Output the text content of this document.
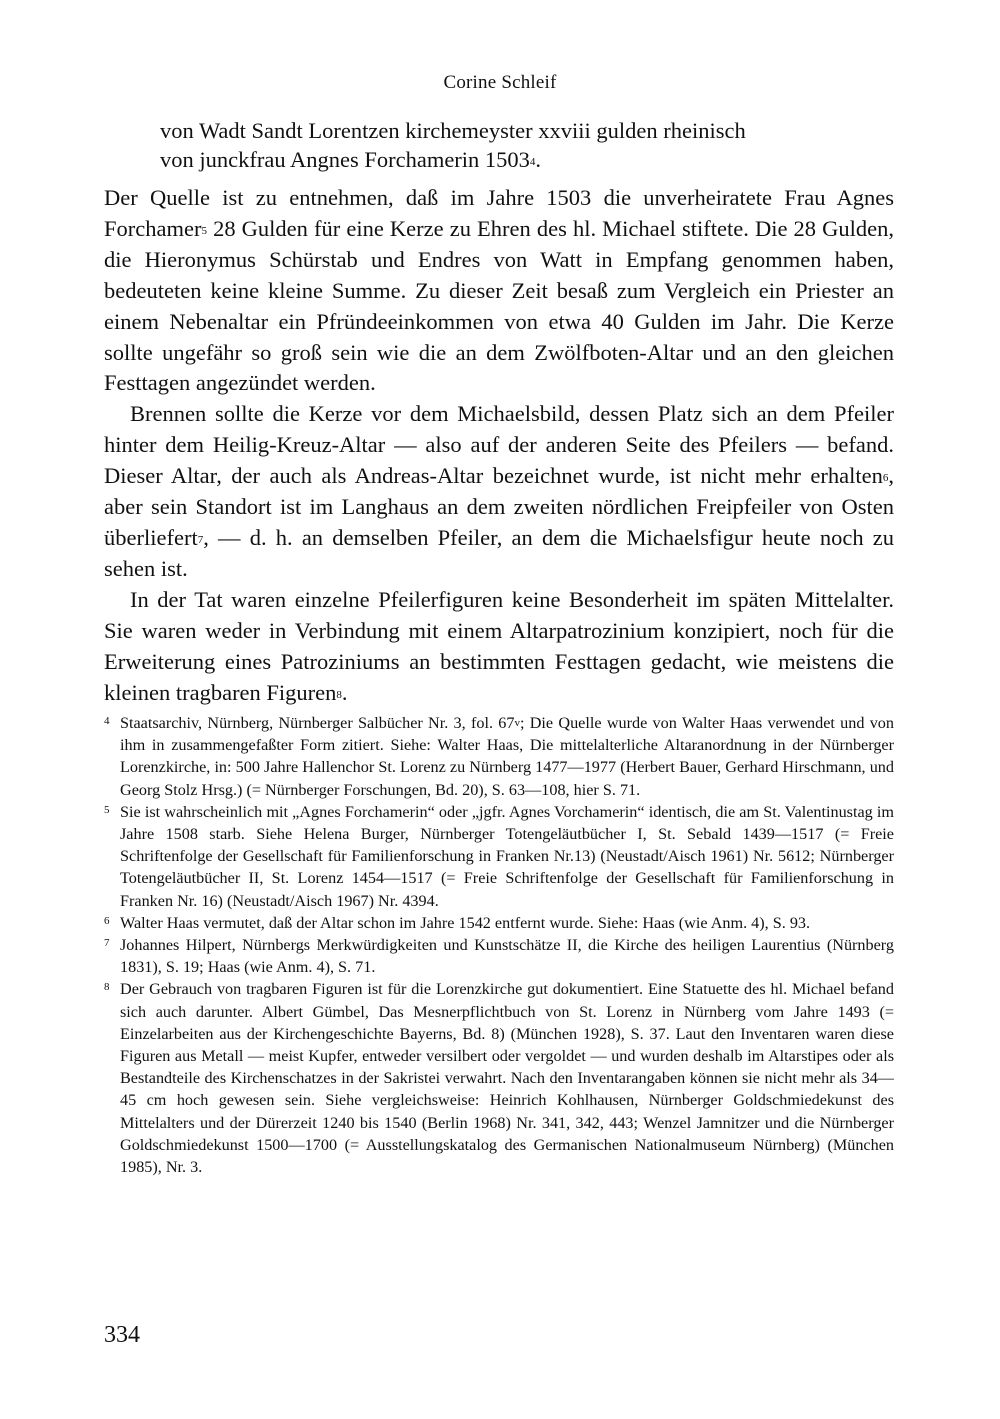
Corine Schleif
von Wadt Sandt Lorentzen kirchemeyster xxviii gulden rheinisch
von junckfrau Angnes Forchamerin 1503$^4$.

Der Quelle ist zu entnehmen, daß im Jahre 1503 die unverheiratete Frau Agnes Forchamer$^5$ 28 Gulden für eine Kerze zu Ehren des hl. Michael stiftete. Die 28 Gulden, die Hieronymus Schürstab und Endres von Watt in Empfang genommen haben, bedeuteten keine kleine Summe. Zu dieser Zeit besaß zum Vergleich ein Priester an einem Nebenaltar ein Pfründeeinkommen von etwa 40 Gulden im Jahr. Die Kerze sollte ungefähr so groß sein wie die an dem Zwölfboten-Altar und an den gleichen Festtagen angezündet werden.

Brennen sollte die Kerze vor dem Michaelsbild, dessen Platz sich an dem Pfeiler hinter dem Heilig-Kreuz-Altar — also auf der anderen Seite des Pfeilers — befand. Dieser Altar, der auch als Andreas-Altar bezeichnet wurde, ist nicht mehr erhalten$^6$, aber sein Standort ist im Langhaus an dem zweiten nördlichen Freipfeiler von Osten überliefert$^7$, — d. h. an demselben Pfeiler, an dem die Michaelsfigur heute noch zu sehen ist.

In der Tat waren einzelne Pfeilerfiguren keine Besonderheit im späten Mittelalter. Sie waren weder in Verbindung mit einem Altarpatrozinium konzipiert, noch für die Erweiterung eines Patroziniums an bestimmten Festtagen gedacht, wie meistens die kleinen tragbaren Figuren$^8$.

4 Staatsarchiv, Nürnberg, Nürnberger Salbücher Nr. 3, fol. 67$^v$; Die Quelle wurde von Walter Haas verwendet und von ihm in zusammengefaßter Form zitiert. Siehe: Walter Haas, Die mittelalterliche Altaranordnung in der Nürnberger Lorenzkirche, in: 500 Jahre Hallenchor St. Lorenz zu Nürnberg 1477—1977 (Herbert Bauer, Gerhard Hirschmann, und Georg Stolz Hrsg.) (= Nürnberger Forschungen, Bd. 20), S. 63—108, hier S. 71.
5 Sie ist wahrscheinlich mit „Agnes Forchamerin“ oder „jgfr. Agnes Vorchamerin“ identisch, die am St. Valentinustag im Jahre 1508 starb. Siehe Helena Burger, Nürnberger Totengeläutbücher I, St. Sebald 1439—1517 (= Freie Schriftenfolge der Gesellschaft für Familienforschung in Franken Nr.13) (Neustadt/Aisch 1961) Nr. 5612; Nürnberger Totengeläutbücher II, St. Lorenz 1454—1517 (= Freie Schriftenfolge der Gesellschaft für Familienforschung in Franken Nr. 16) (Neustadt/Aisch 1967) Nr. 4394.
6 Walter Haas vermutet, daß der Altar schon im Jahre 1542 entfernt wurde. Siehe: Haas (wie Anm. 4), S. 93.
7 Johannes Hilpert, Nürnbergs Merkwürdigkeiten und Kunstschätze II, die Kirche des heiligen Laurentius (Nürnberg 1831), S. 19; Haas (wie Anm. 4), S. 71.
8 Der Gebrauch von tragbaren Figuren ist für die Lorenzkirche gut dokumentiert. Eine Statuette des hl. Michael befand sich auch darunter. Albert Gümbel, Das Mesnerpflichtbuch von St. Lorenz in Nürnberg vom Jahre 1493 (= Einzelarbeiten aus der Kirchengeschichte Bayerns, Bd. 8) (München 1928), S. 37. Laut den Inventaren waren diese Figuren aus Metall — meist Kupfer, entweder versilbert oder vergoldet — und wurden deshalb im Altarstipes oder als Bestandteile des Kirchenschatzes in der Sakristei verwahrt. Nach den Inventarangaben können sie nicht mehr als 34—45 cm hoch gewesen sein. Siehe vergleichsweise: Heinrich Kohlhausen, Nürnberger Goldschmiedekunst des Mittelalters und der Dürerzeit 1240 bis 1540 (Berlin 1968) Nr. 341, 342, 443; Wenzel Jamnitzer und die Nürnberger Goldschmiedekunst 1500—1700 (= Ausstellungskatalog des Germanischen Nationalmuseum Nürnberg) (München 1985), Nr. 3.
334
